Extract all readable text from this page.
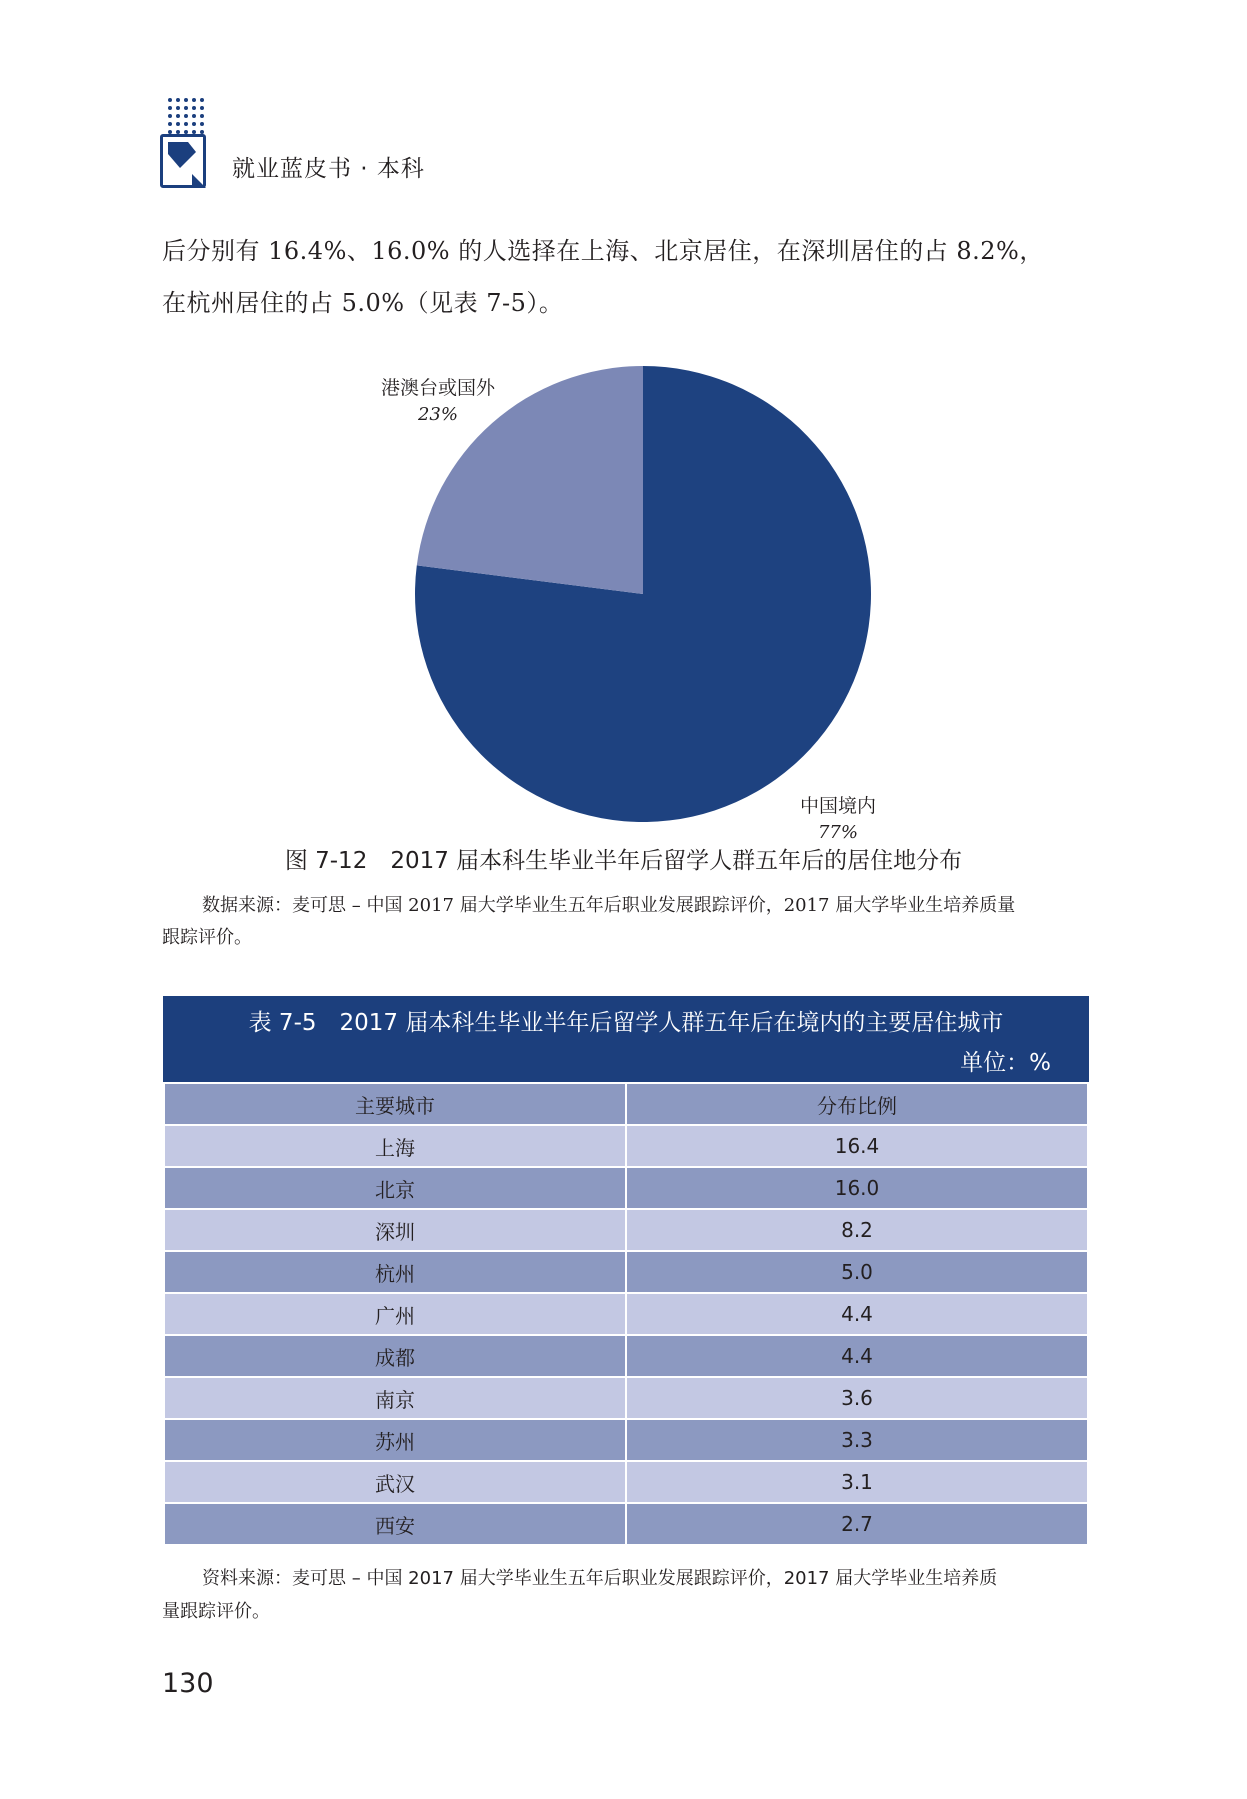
就业蓝皮书 · 本科

后分别有 16.4%、16.0% 的人选择在上海、北京居住，在深圳居住的占 8.2%，

在杭州居住的占 5.0%（见表 7-5）。

中国境内
77%
港澳台或国外
23%
图 7-12　2017 届本科生毕业半年后留学人群五年后的居住地分布

数据来源：麦可思 – 中国 2017 届大学毕业生五年后职业发展跟踪评价，2017 届大学毕业生培养质量

跟踪评价。

表 7-5　2017 届本科生毕业半年后留学人群五年后在境内的主要居住城市
单位：%
主要城市	分布比例
上海	16.4
北京	16.0
深圳	8.2
杭州	5.0
广州	4.4
成都	4.4
南京	3.6
苏州	3.3
武汉	3.1
西安	2.7

资料来源：麦可思 – 中国 2017 届大学毕业生五年后职业发展跟踪评价，2017 届大学毕业生培养质

量跟踪评价。

130
